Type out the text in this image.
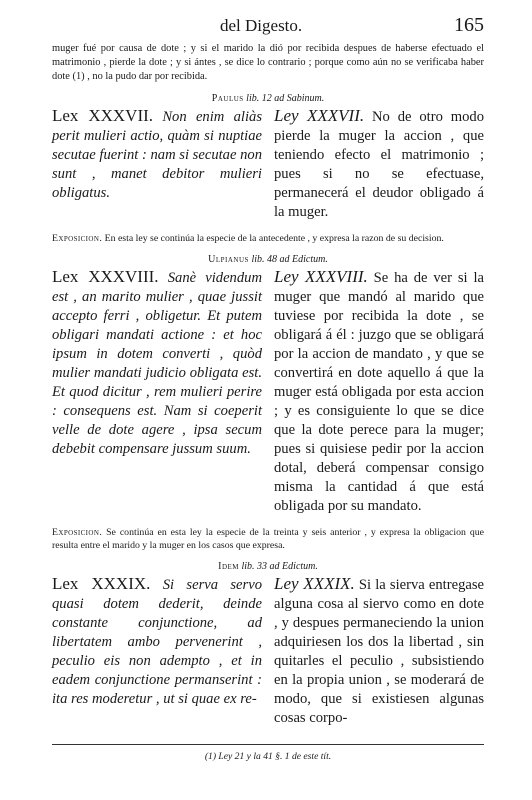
del Digesto.	165

muger fué por causa de dote ; y si el marido la dió por recibida despues de haberse efectuado el matrimonio , pierde la dote ; y si ántes , se dice lo contrario ; porque como aún no se verificaba haber dote (1) , no la pudo dar por recibida.

Paulus lib. 12 ad Sabinum.

Lex XXXVII. Non enim aliàs perit mulieri actio, quàm si nuptiae secutae fuerint : nam si secutae non sunt , manet debitor mulieri obligatus.

Ley XXXVII. No de otro modo pierde la muger la accion , que teniendo efecto el matrimonio ; pues si no se efectuase, permanecerá el deudor obligado á la muger.

Exposicion. En esta ley se continúa la especie de la antecedente , y expresa la razon de su decision.

Ulpianus lib. 48 ad Edictum.

Lex XXXVIII. Sanè videndum est , an marito mulier , quae jussit accepto ferri , obligetur. Et putem obligari mandati actione : et hoc ipsum in dotem converti , quòd mulier mandati judicio obligata est. Et quod dicitur , rem mulieri perire : consequens est. Nam si coeperit velle de dote agere , ipsa secum debebit compensare jussum suum.

Ley XXXVIII. Se ha de ver si la muger que mandó al marido que tuviese por recibida la dote , se obligará á él : juzgo que se obligará por la accion de mandato , y que se convertirá en dote aquello á que la muger está obligada por esta accion ; y es consiguiente lo que se dice que la dote perece para la muger; pues si quisiese pedir por la accion dotal, deberá compensar consigo misma la cantidad á que está obligada por su mandato.

Exposicion. Se continúa en esta ley la especie de la treinta y seis anterior , y expresa la obligacion que resulta entre el marido y la muger en los casos que expresa.

Idem lib. 33 ad Edictum.

Lex XXXIX. Si serva servo quasi dotem dederit, deinde constante conjunctione, ad libertatem ambo pervenerint , peculio eis non adempto , et in eadem conjunctione permanserint : ita res moderetur , ut si quae ex re-

Ley XXXIX. Si la sierva entregase alguna cosa al siervo como en dote , y despues permaneciendo la union adquiriesen los dos la libertad , sin quitarles el peculio , subsistiendo en la propia union , se moderará de modo, que si existiesen algunas cosas corpo-

(1) Ley 21 y la 41 §. 1 de este tít.
